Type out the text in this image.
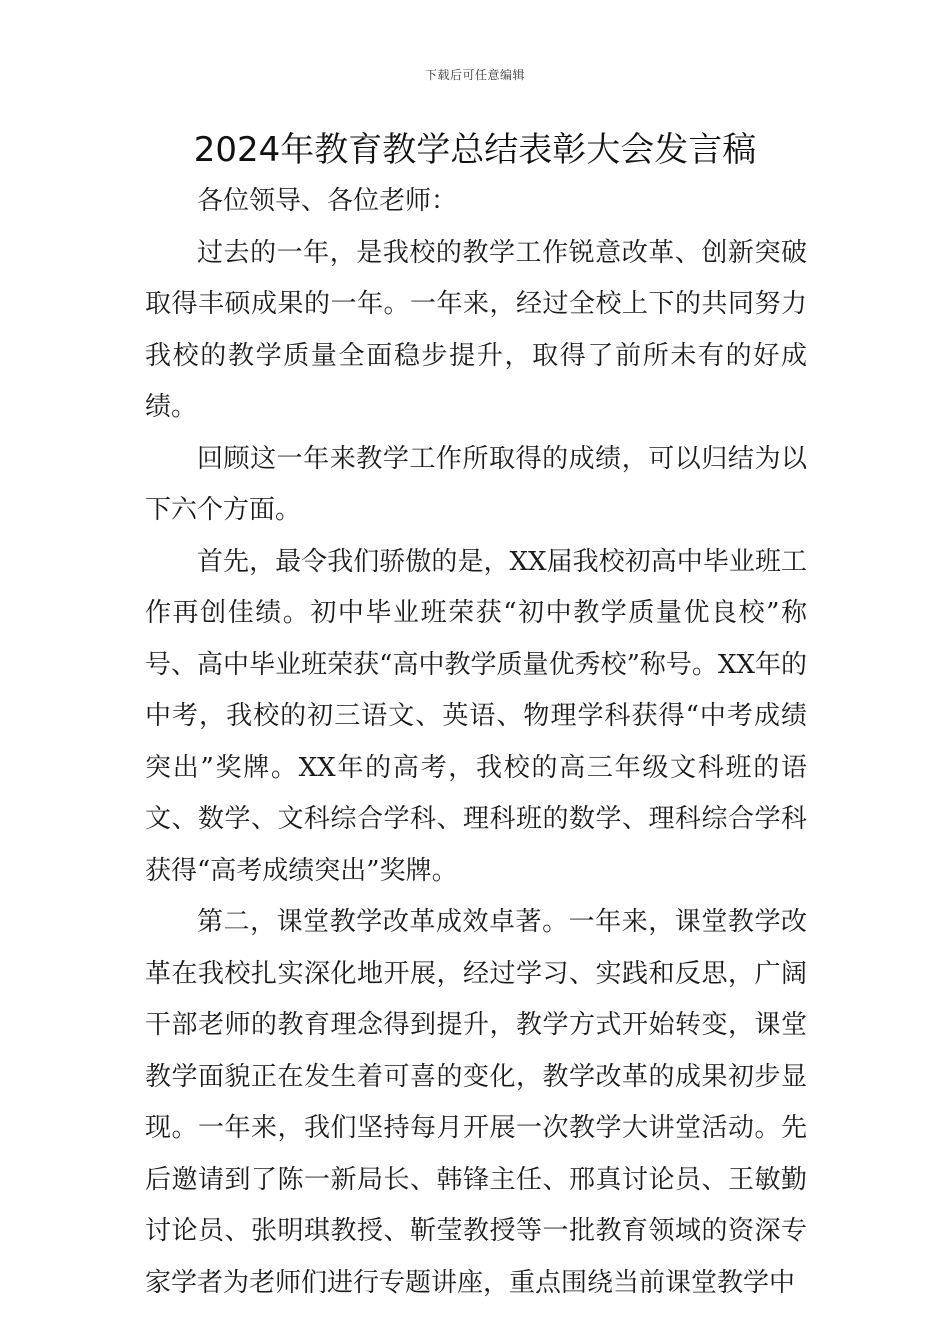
下载后可任意编辑
2024年教育教学总结表彰大会发言稿

各位领导、各位老师：

过去的一年，是我校的教学工作锐意改革、创新突破取得丰硕成果的一年。一年来，经过全校上下的共同努力我校的教学质量全面稳步提升，取得了前所未有的好成绩。

回顾这一年来教学工作所取得的成绩，可以归结为以下六个方面。

首先，最令我们骄傲的是，XX届我校初高中毕业班工作再创佳绩。初中毕业班荣获“初中教学质量优良校”称号、高中毕业班荣获“高中教学质量优秀校”称号。XX年的中考，我校的初三语文、英语、物理学科获得“中考成绩突出”奖牌。XX年的高考，我校的高三年级文科班的语文、数学、文科综合学科、理科班的数学、理科综合学科获得“高考成绩突出”奖牌。

第二，课堂教学改革成效卓著。一年来，课堂教学改革在我校扎实深化地开展，经过学习、实践和反思，广阔干部老师的教育理念得到提升，教学方式开始转变，课堂教学面貌正在发生着可喜的变化，教学改革的成果初步显现。一年来，我们坚持每月开展一次教学大讲堂活动。先后邀请到了陈一新局长、韩锋主任、邢真讨论员、王敏勤讨论员、张明琪教授、靳莹教授等一批教育领域的资深专家学者为老师们进行专题讲座，重点围绕当前课堂教学中
